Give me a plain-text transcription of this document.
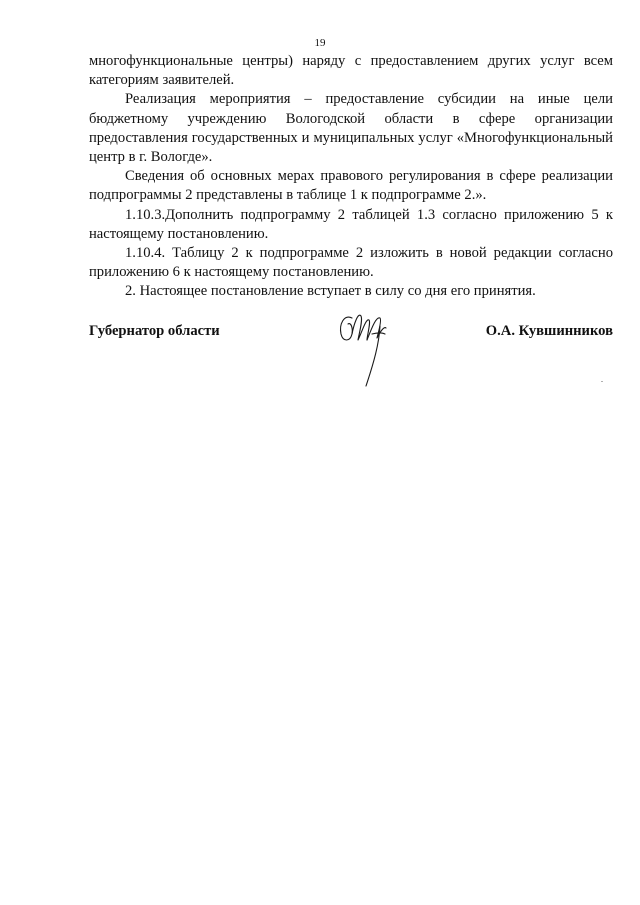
19

многофункциональные центры) наряду с предоставлением других услуг всем категориям заявителей.

Реализация мероприятия – предоставление субсидии на иные цели бюджетному учреждению Вологодской области в сфере организации предоставления государственных и муниципальных услуг «Многофункциональный центр в г. Вологде».

Сведения об основных мерах правового регулирования в сфере реализации подпрограммы 2 представлены в таблице 1 к подпрограмме 2.».

1.10.3.Дополнить подпрограмму 2 таблицей 1.3 согласно приложению 5 к настоящему постановлению.

1.10.4. Таблицу 2 к подпрограмме 2 изложить в новой редакции согласно приложению 6 к настоящему постановлению.

2. Настоящее постановление вступает в силу со дня его принятия.

Губернатор области	О.А. Кувшинников
